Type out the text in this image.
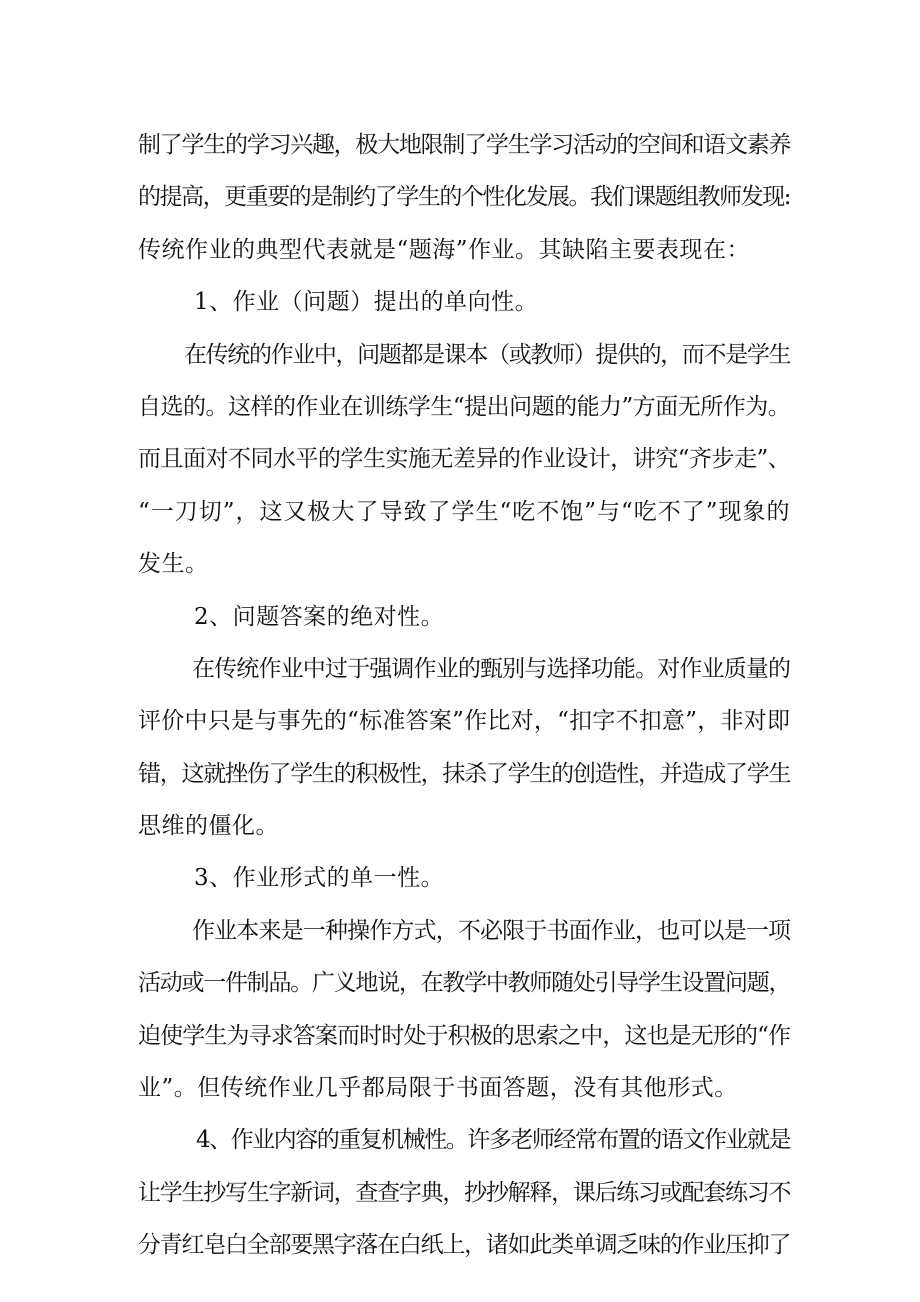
制了学生的学习兴趣，极大地限制了学生学习活动的空间和语文素养
的提高，更重要的是制约了学生的个性化发展。我们课题组教师发现:
传统作业的典型代表就是“题海”作业。其缺陷主要表现在：
1、作业（问题）提出的单向性。
在传统的作业中，问题都是课本（或教师）提供的，而不是学生
自选的。这样的作业在训练学生“提出问题的能力”方面无所作为。
而且面对不同水平的学生实施无差异的作业设计，讲究“齐步走”、
“一刀切”，这又极大了导致了学生“吃不饱”与“吃不了”现象的
发生。
2、问题答案的绝对性。
在传统作业中过于强调作业的甄别与选择功能。对作业质量的
评价中只是与事先的“标准答案”作比对，“扣字不扣意”，非对即
错，这就挫伤了学生的积极性，抹杀了学生的创造性，并造成了学生
思维的僵化。
3、作业形式的单一性。
作业本来是一种操作方式，不必限于书面作业，也可以是一项
活动或一件制品。广义地说，在教学中教师随处引导学生设置问题，
迫使学生为寻求答案而时时处于积极的思索之中，这也是无形的“作
业”。但传统作业几乎都局限于书面答题，没有其他形式。
4、作业内容的重复机械性。许多老师经常布置的语文作业就是
让学生抄写生字新词，查查字典，抄抄解释，课后练习或配套练习不
分青红皂白全部要黑字落在白纸上，诸如此类单调乏味的作业压抑了
